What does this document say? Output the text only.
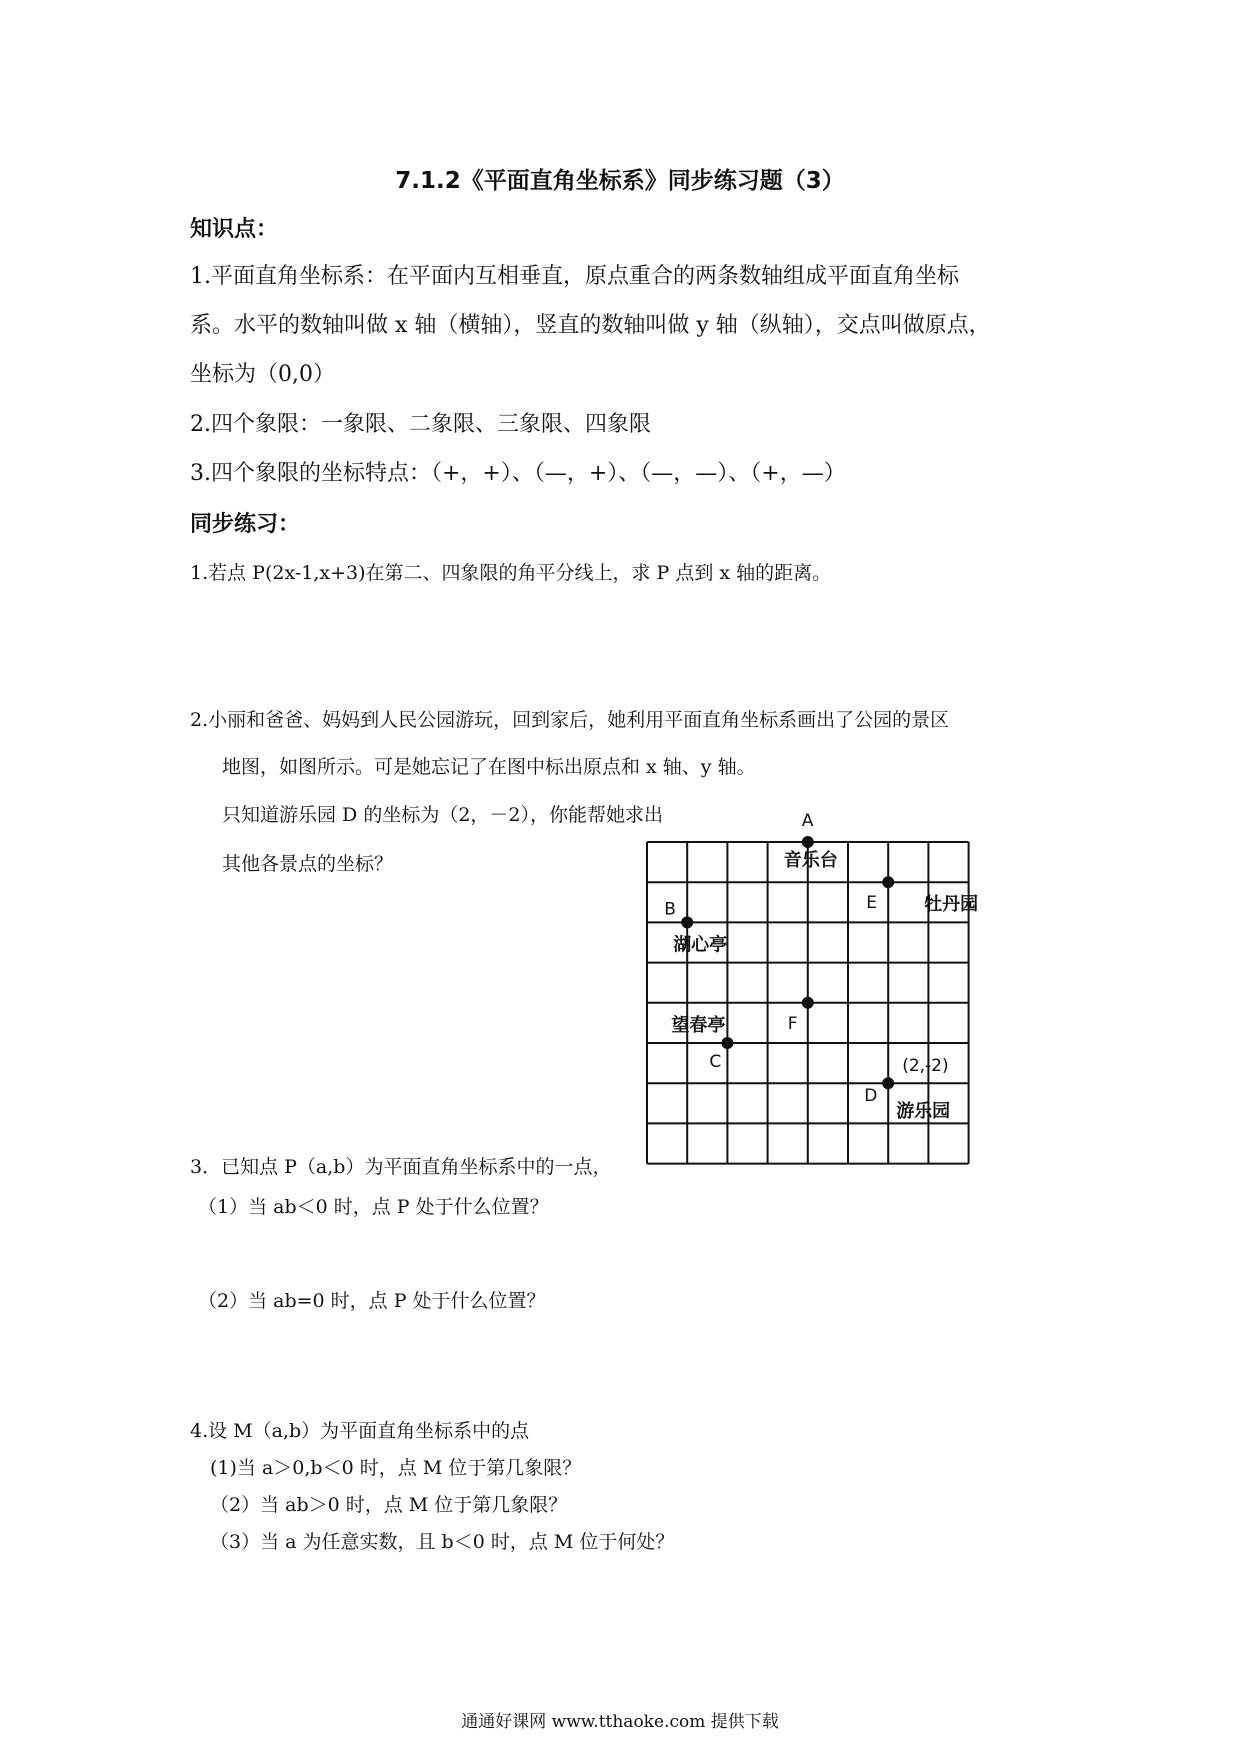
7.1.2《平面直角坐标系》同步练习题（3）
知识点：
1.平面直角坐标系：在平面内互相垂直，原点重合的两条数轴组成平面直角坐标
系。水平的数轴叫做 x 轴（横轴），竖直的数轴叫做 y 轴（纵轴），交点叫做原点，
坐标为（0,0）
2.四个象限：一象限、二象限、三象限、四象限
3.四个象限的坐标特点：（+，+）、（—，+）、（—，—）、（+，—）
同步练习：
1.若点 P(2x-1,x+3)在第二、四象限的角平分线上，求 P 点到 x 轴的距离。
2.小丽和爸爸、妈妈到人民公园游玩，回到家后，她利用平面直角坐标系画出了公园的景区
地图，如图所示。可是她忘记了在图中标出原点和 x 轴、y 轴。
只知道游乐园 D 的坐标为（2，－2），你能帮她求出
其他各景点的坐标？
A
音乐台
B
湖心亭
C
望春亭
D
游乐园
(2,-2)
E	牡丹园
F
3．已知点 P（a,b）为平面直角坐标系中的一点，
（1）当 ab＜0 时，点 P 处于什么位置？
（2）当 ab=0 时，点 P 处于什么位置？
4.设 M（a,b）为平面直角坐标系中的点
(1)当 a＞0,b＜0 时，点 M 位于第几象限？
（2）当 ab＞0 时，点 M 位于第几象限？
（3）当 a 为任意实数，且 b＜0 时，点 M 位于何处？
通通好课网 www.tthaoke.com 提供下载
